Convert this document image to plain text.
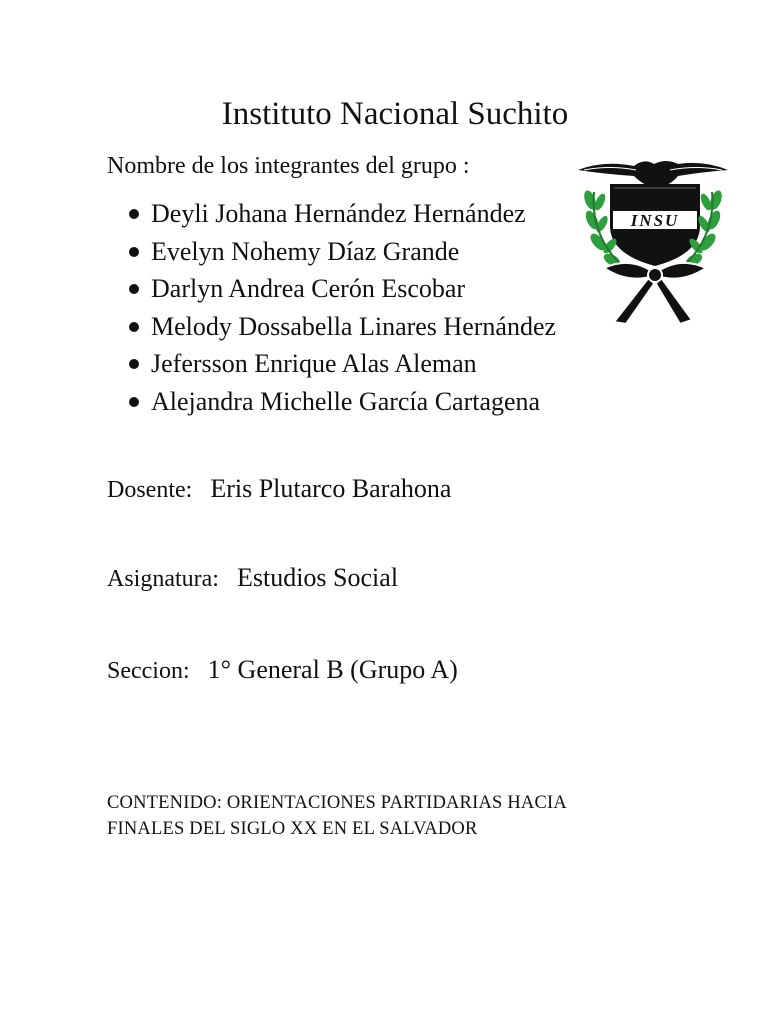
Instituto Nacional Suchito
Nombre de los integrantes del grupo :
Deyli Johana Hernández Hernández
Evelyn Nohemy Díaz Grande
Darlyn Andrea Cerón Escobar
Melody Dossabella Linares Hernández
Jefersson Enrique Alas Aleman
Alejandra Michelle García Cartagena
INSU
Dosente: Eris Plutarco Barahona
Asignatura: Estudios Social
Seccion: 1° General B (Grupo A)
CONTENIDO: ORIENTACIONES PARTIDARIAS HACIA
FINALES DEL SIGLO XX EN EL SALVADOR
